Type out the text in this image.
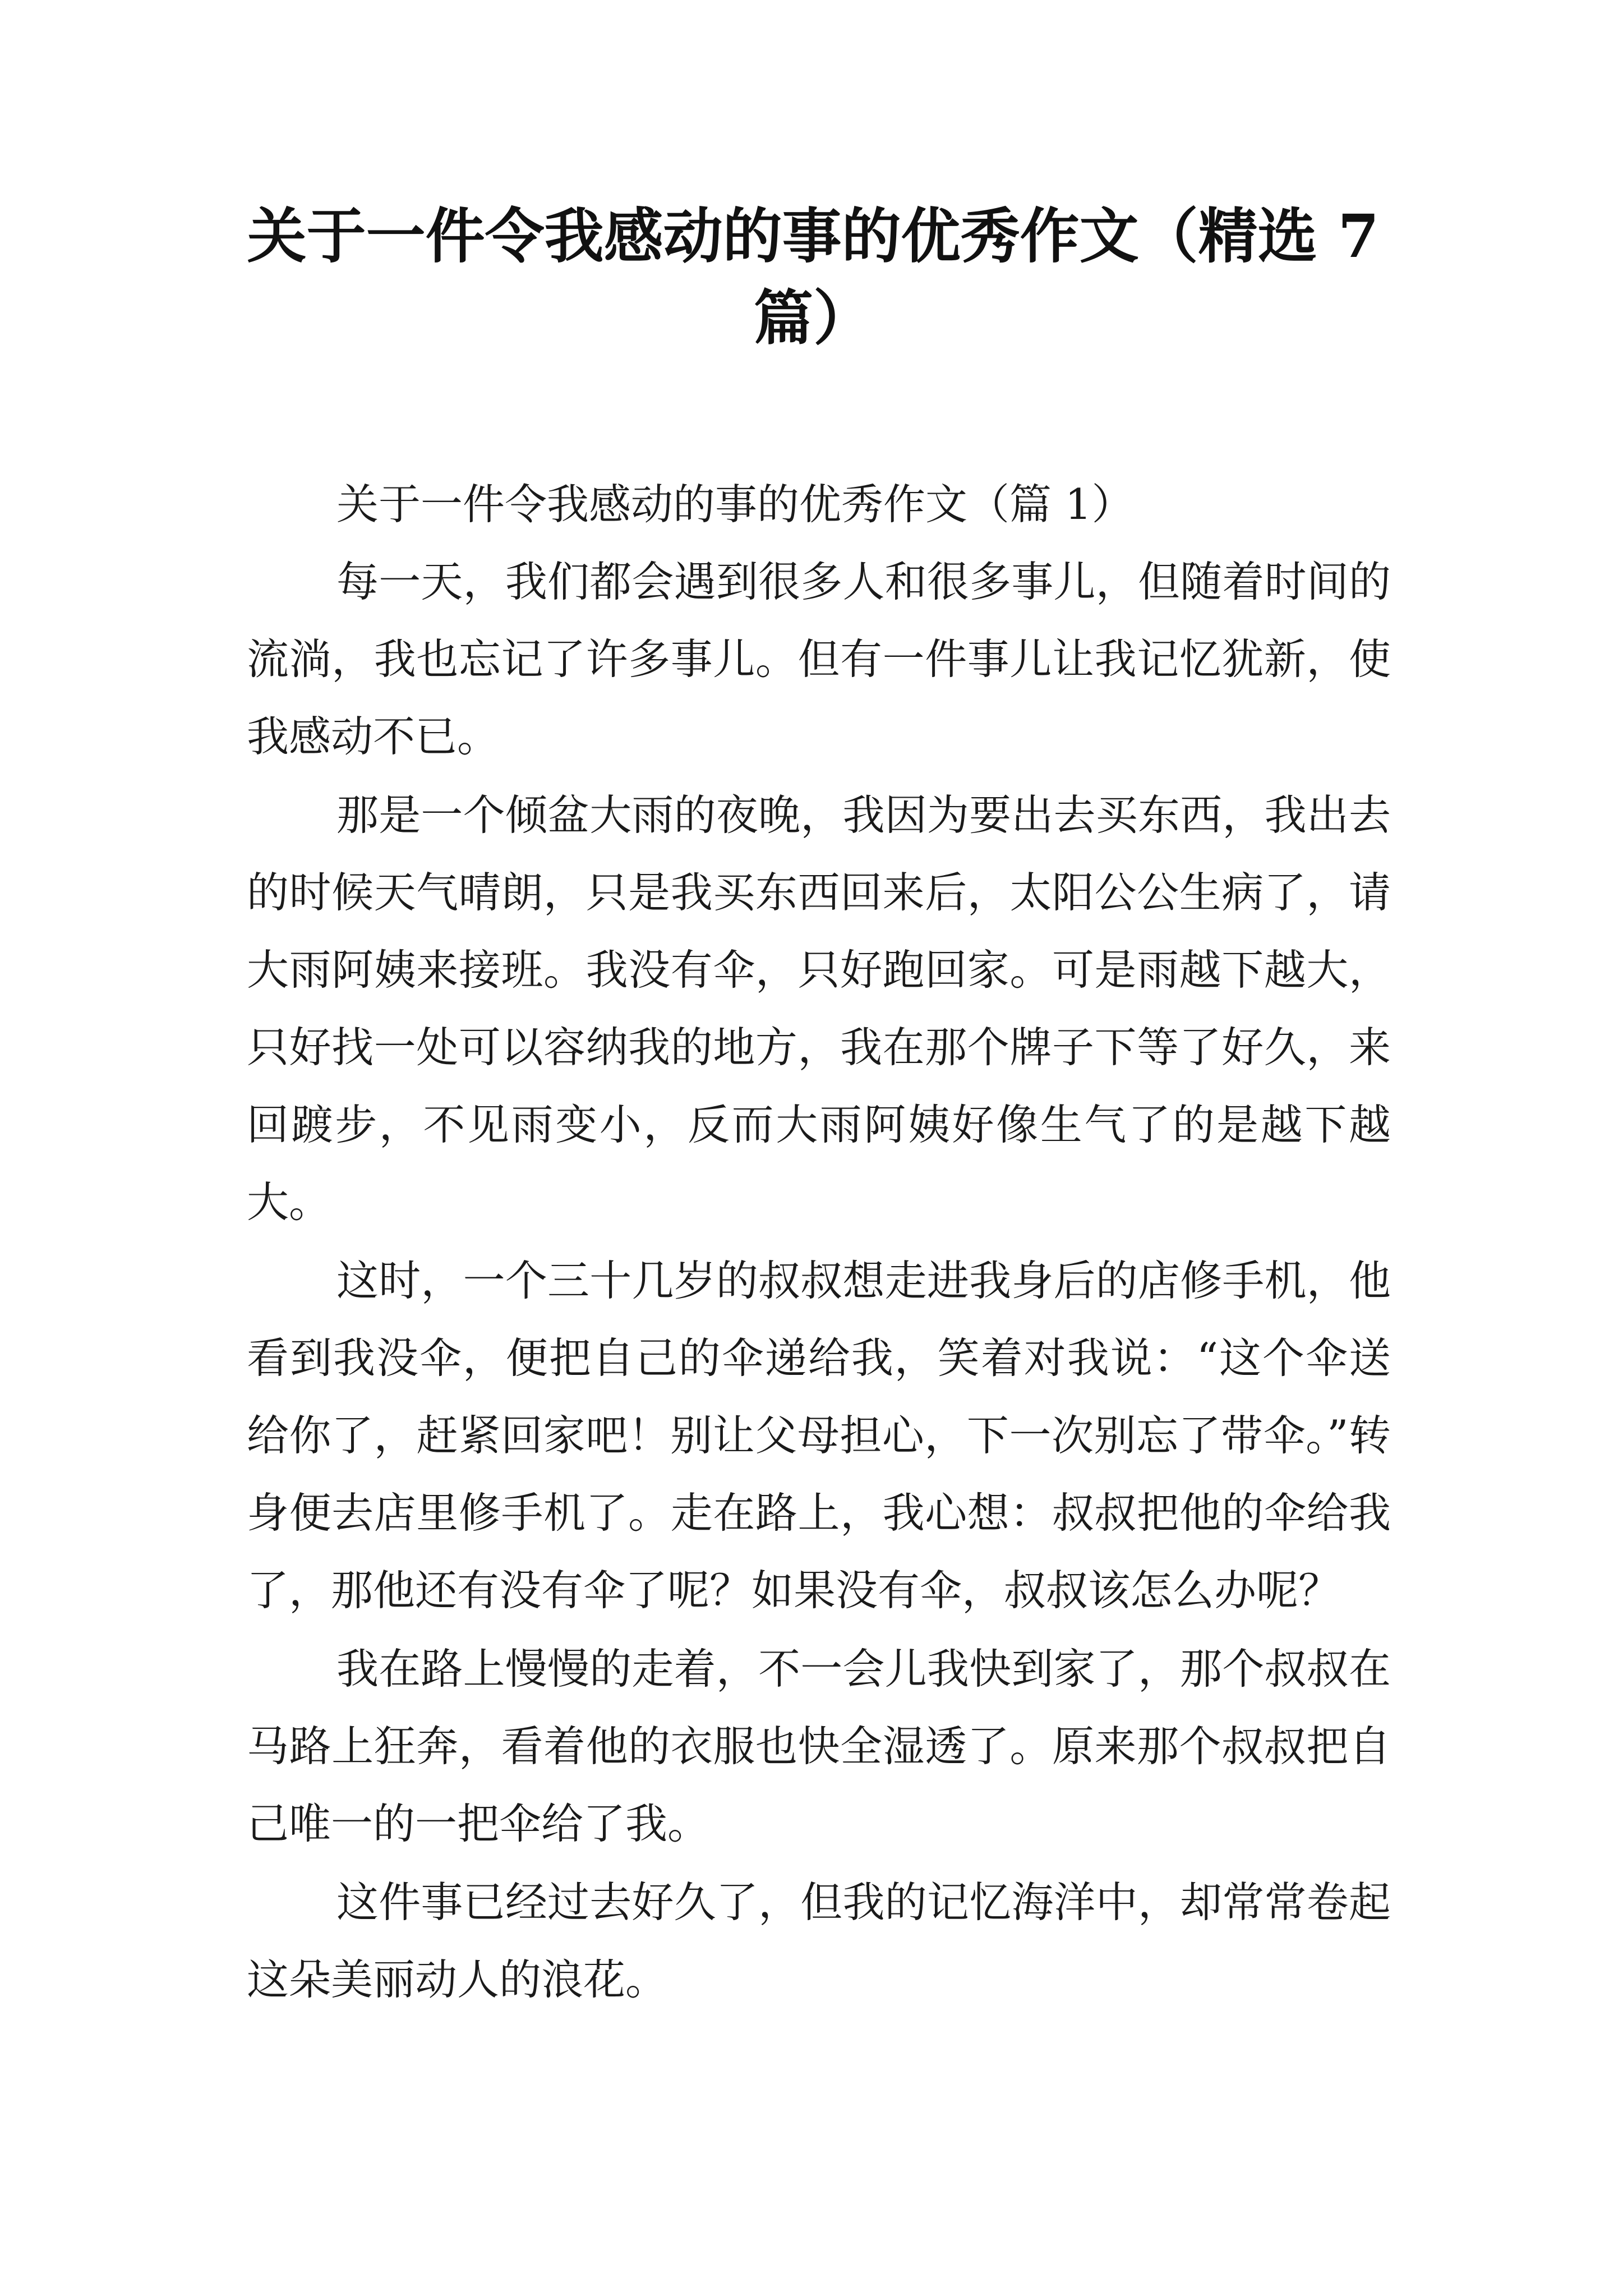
关于一件令我感动的事的优秀作文（精选 7
篇）

关于一件令我感动的事的优秀作文（篇 1）

每一天，我们都会遇到很多人和很多事儿，但随着时间的流淌，我也忘记了许多事儿。但有一件事儿让我记忆犹新，使我感动不已。

那是一个倾盆大雨的夜晚，我因为要出去买东西，我出去的时候天气晴朗，只是我买东西回来后，太阳公公生病了，请大雨阿姨来接班。我没有伞，只好跑回家。可是雨越下越大，只好找一处可以容纳我的地方，我在那个牌子下等了好久，来回踱步，不见雨变小，反而大雨阿姨好像生气了的是越下越大。

这时，一个三十几岁的叔叔想走进我身后的店修手机，他看到我没伞，便把自己的伞递给我，笑着对我说：“这个伞送给你了，赶紧回家吧！别让父母担心，下一次别忘了带伞。”转身便去店里修手机了。走在路上，我心想：叔叔把他的伞给我了，那他还有没有伞了呢？如果没有伞，叔叔该怎么办呢？

我在路上慢慢的走着，不一会儿我快到家了，那个叔叔在马路上狂奔，看着他的衣服也快全湿透了。原来那个叔叔把自己唯一的一把伞给了我。

这件事已经过去好久了，但我的记忆海洋中，却常常卷起这朵美丽动人的浪花。
